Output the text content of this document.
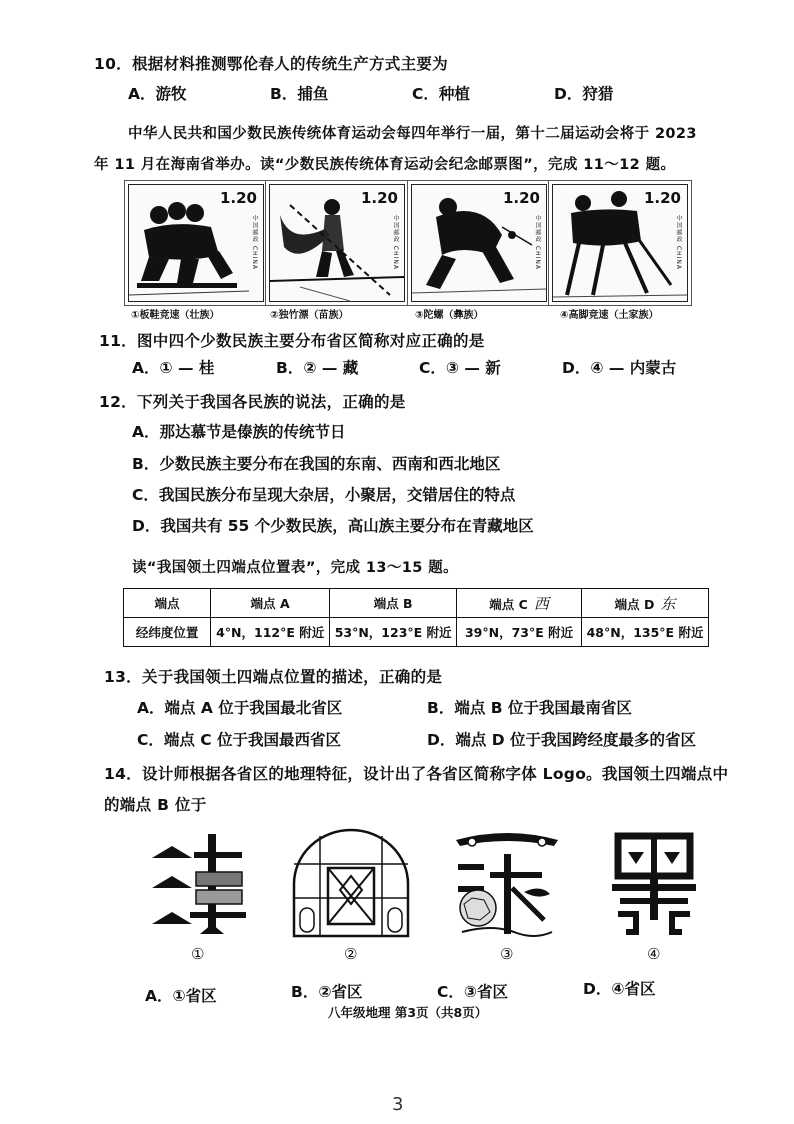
10．根据材料推测鄂伦春人的传统生产方式主要为
A．游牧	B．捕鱼	C．种植	D．狩猎
中华人民共和国少数民族传统体育运动会每四年举行一届，第十二届运动会将于 2023
年 11 月在海南省举办。读“少数民族传统体育运动会纪念邮票图”，完成 11～12 题。
1.20
中国邮政 CHINA
1.20
中国邮政 CHINA
1.20
中国邮政 CHINA
1.20
中国邮政 CHINA
①板鞋竞速（壮族）	②独竹漂（苗族）	③陀螺（彝族）	④高脚竞速（土家族）
11．图中四个少数民族主要分布省区简称对应正确的是
A．① — 桂	B．② — 藏	C．③ — 新	D．④ — 内蒙古
12．下列关于我国各民族的说法，正确的是
A．那达慕节是傣族的传统节日
B．少数民族主要分布在我国的东南、西南和西北地区
C．我国民族分布呈现大杂居，小聚居，交错居住的特点
D．我国共有 55 个少数民族，高山族主要分布在青藏地区
读“我国领土四端点位置表”，完成 13～15 题。
端点	端点 A	端点 B	端点 C 西	端点 D 东
经纬度位置	4°N，112°E 附近	53°N，123°E 附近	39°N，73°E 附近	48°N，135°E 附近
13．关于我国领土四端点位置的描述，正确的是
A．端点 A 位于我国最北省区	B．端点 B 位于我国最南省区
C．端点 C 位于我国最西省区	D．端点 D 位于我国跨经度最多的省区
14．设计师根据各省区的地理特征，设计出了各省区简称字体 Logo。我国领土四端点中
的端点 B 位于
①	②	③	④
A．①省区	B．②省区	C．③省区	D．④省区
八年级地理 第3页（共8页）
3
